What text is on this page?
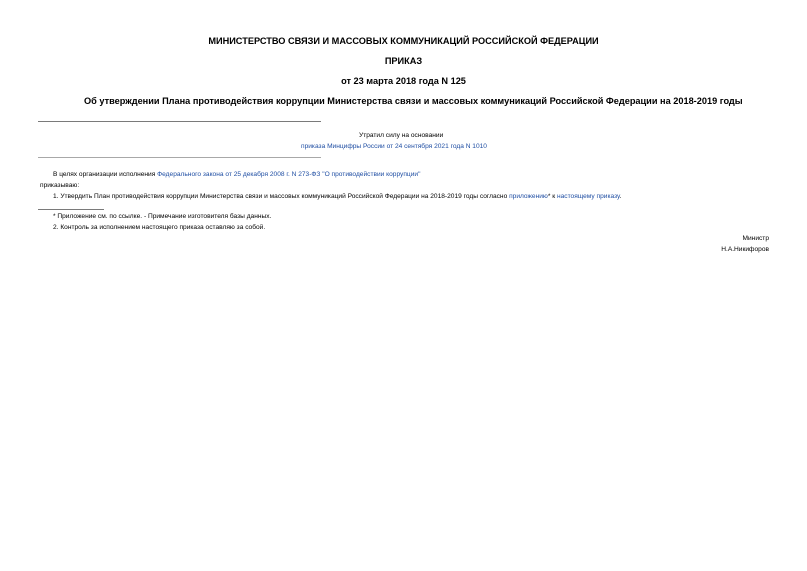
МИНИСТЕРСТВО СВЯЗИ И МАССОВЫХ КОММУНИКАЦИЙ РОССИЙСКОЙ ФЕДЕРАЦИИ
ПРИКАЗ
от 23 марта 2018 года N 125
Об утверждении Плана противодействия коррупции Министерства связи и массовых коммуникаций Российской Федерации на 2018-2019 годы
Утратил силу на основании
приказа Минцифры России от 24 сентября 2021 года N 1010
В целях организации исполнения Федерального закона от 25 декабря 2008 г. N 273-ФЗ "О противодействии коррупции"
приказываю:
1. Утвердить План противодействия коррупции Министерства связи и массовых коммуникаций Российской Федерации на 2018-2019 годы согласно приложению* к настоящему приказу.
* Приложение см. по ссылке. - Примечание изготовителя базы данных.
2. Контроль за исполнением настоящего приказа оставляю за собой.
Министр
Н.А.Никифоров
